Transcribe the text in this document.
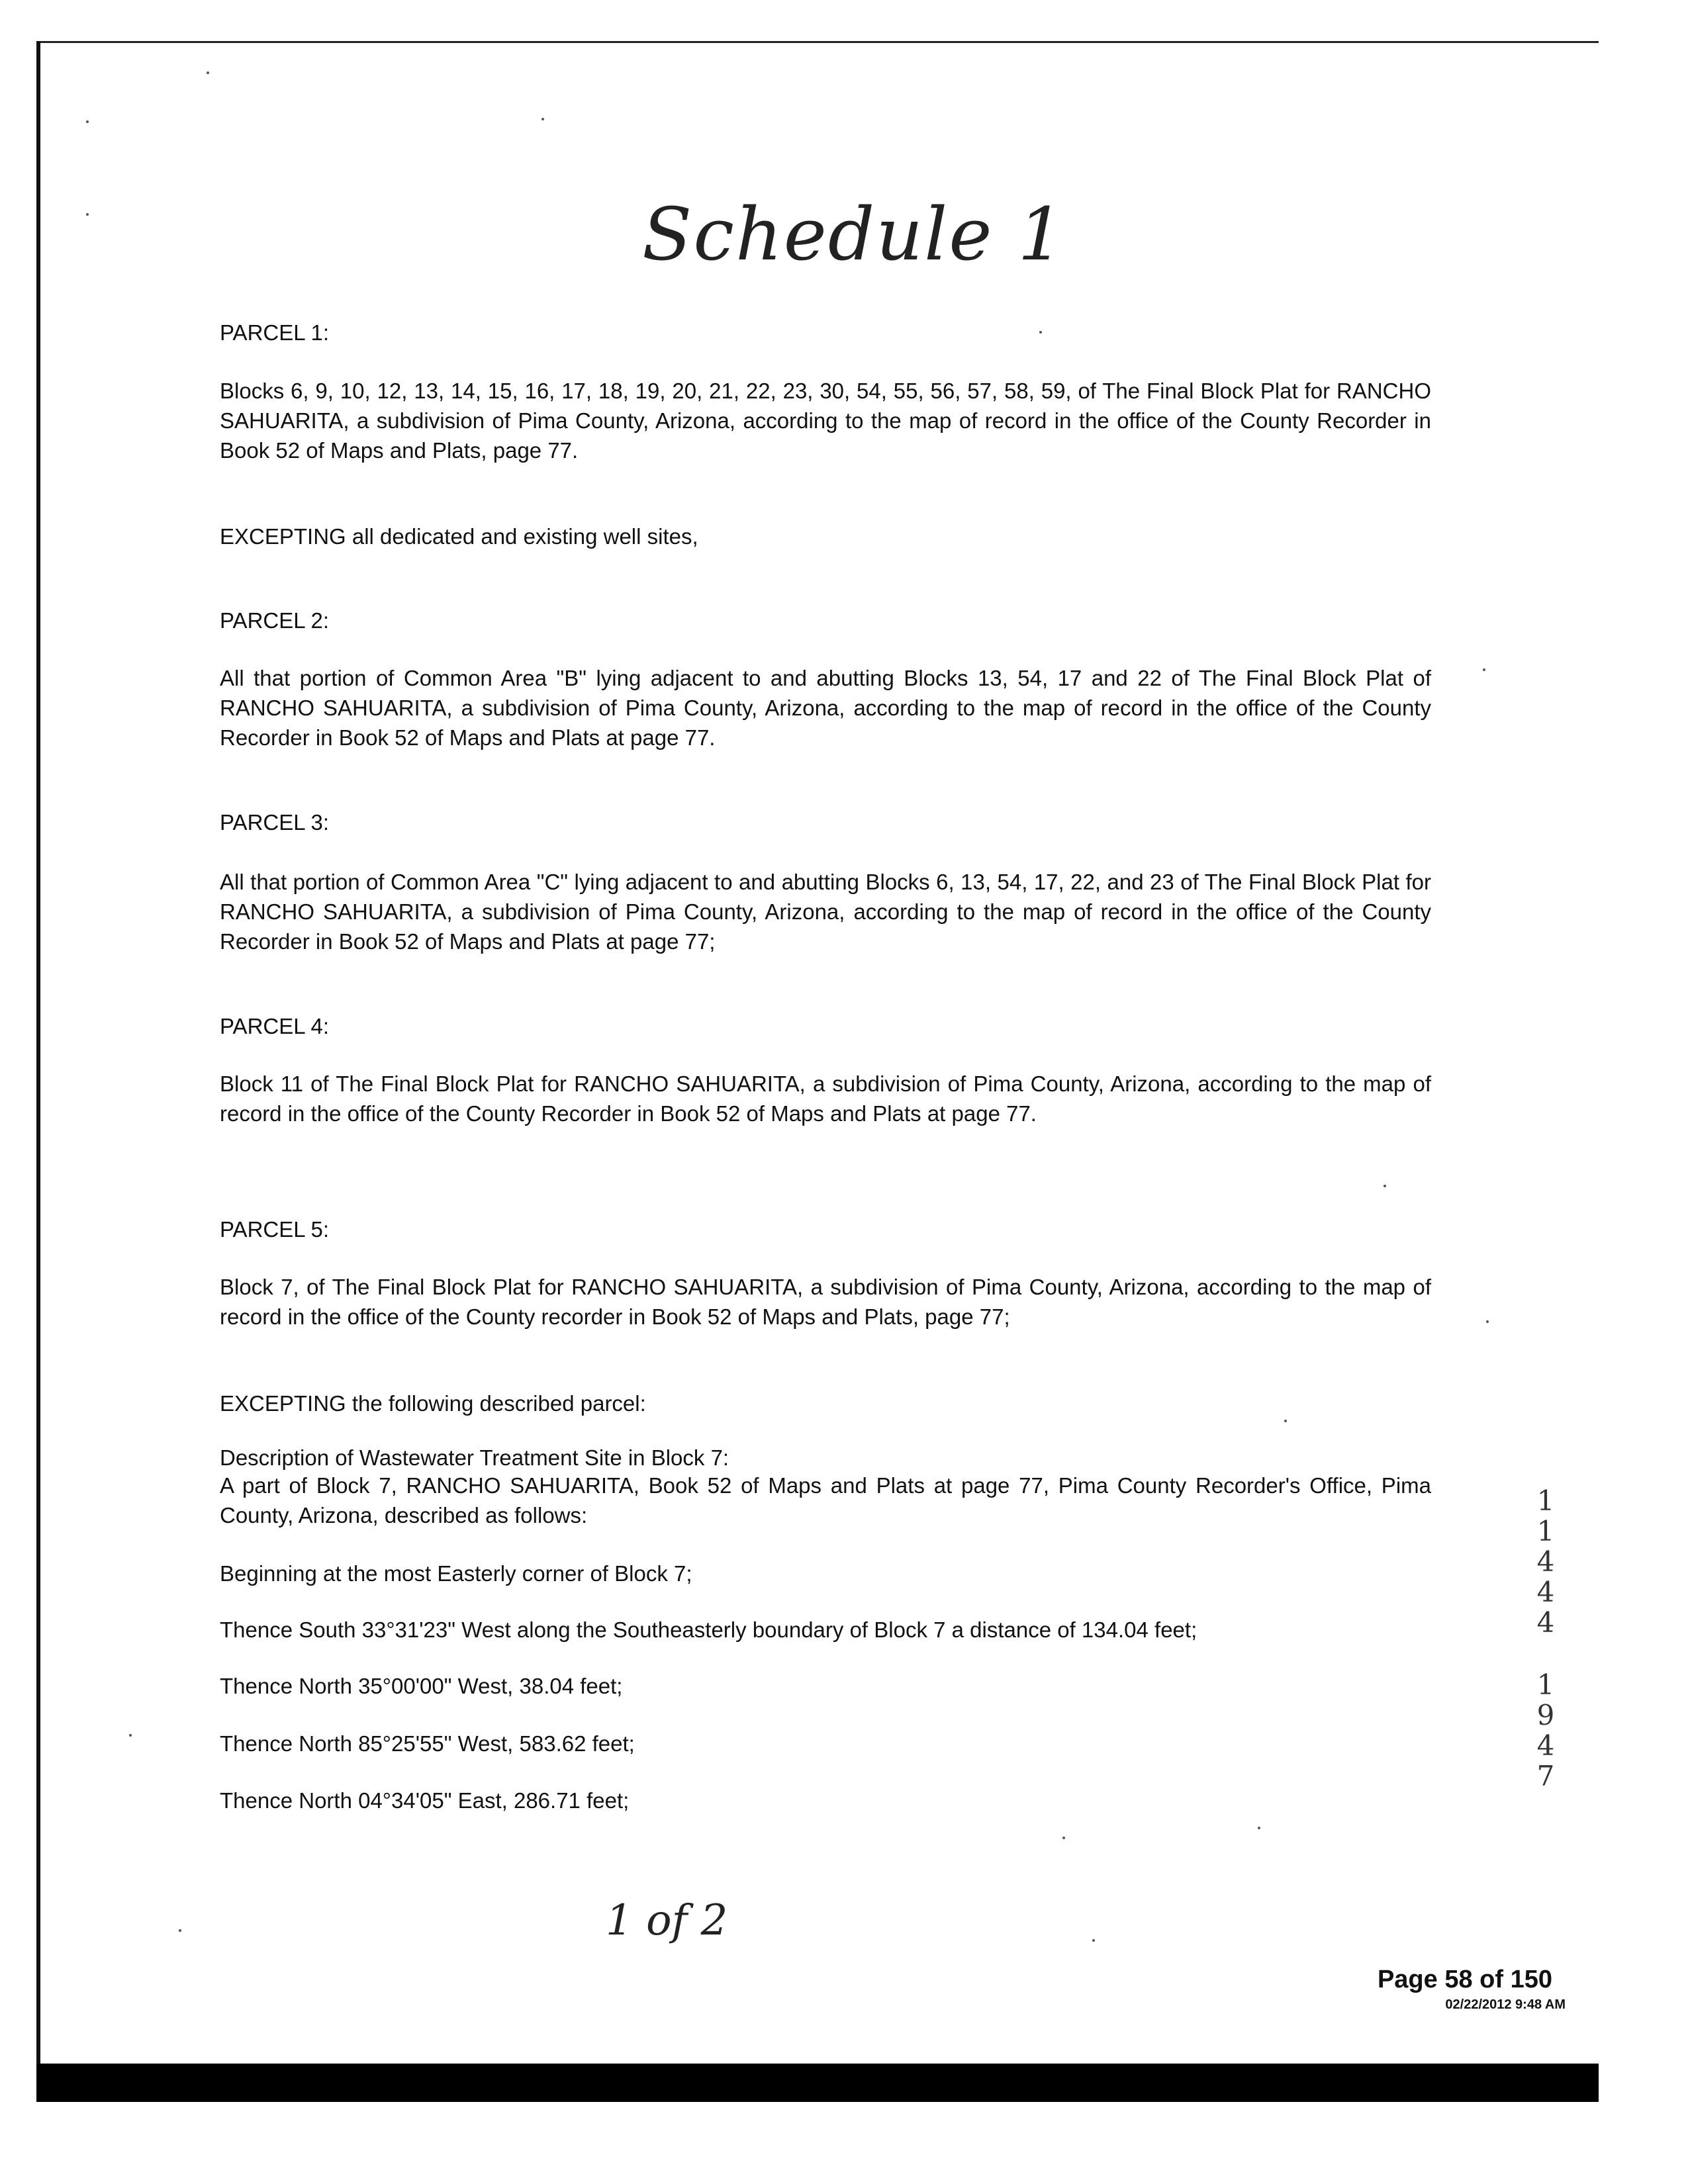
Schedule 1

PARCEL 1:

Blocks 6, 9, 10, 12, 13, 14, 15, 16, 17, 18, 19, 20, 21, 22, 23, 30, 54, 55, 56, 57, 58, 59, of The Final Block Plat for RANCHO SAHUARITA, a subdivision of Pima County, Arizona, according to the map of record in the office of the County Recorder in Book 52 of Maps and Plats, page 77.

EXCEPTING all dedicated and existing well sites,

PARCEL 2:

All that portion of Common Area "B" lying adjacent to and abutting Blocks 13, 54, 17 and 22 of The Final Block Plat of RANCHO SAHUARITA, a subdivision of Pima County, Arizona, according to the map of record in the office of the County Recorder in Book 52 of Maps and Plats at page 77.

PARCEL 3:

All that portion of Common Area "C" lying adjacent to and abutting Blocks 6, 13, 54, 17, 22, and 23 of The Final Block Plat for RANCHO SAHUARITA, a subdivision of Pima County, Arizona, according to the map of record in the office of the County Recorder in Book 52 of Maps and Plats at page 77;

PARCEL 4:

Block 11 of The Final Block Plat for RANCHO SAHUARITA, a subdivision of Pima County, Arizona, according to the map of record in the office of the County Recorder in Book 52 of Maps and Plats at page 77.

PARCEL 5:

Block 7, of The Final Block Plat for RANCHO SAHUARITA, a subdivision of Pima County, Arizona, according to the map of record in the office of the County recorder in Book 52 of Maps and Plats, page 77;

EXCEPTING the following described parcel:

Description of Wastewater Treatment Site in Block 7:

A part of Block 7, RANCHO SAHUARITA, Book 52 of Maps and Plats at page 77, Pima County Recorder's Office, Pima County, Arizona, described as follows:

Beginning at the most Easterly corner of Block 7;

Thence South 33°31'23" West along the Southeasterly boundary of Block 7 a distance of 134.04 feet;

Thence North 35°00'00" West, 38.04 feet;

Thence North 85°25'55" West, 583.62 feet;

Thence North 04°34'05" East, 286.71 feet;

1
1
4
4
4
1
9
4
7
1 of 2
Page 58 of 150
02/22/2012 9:48 AM
